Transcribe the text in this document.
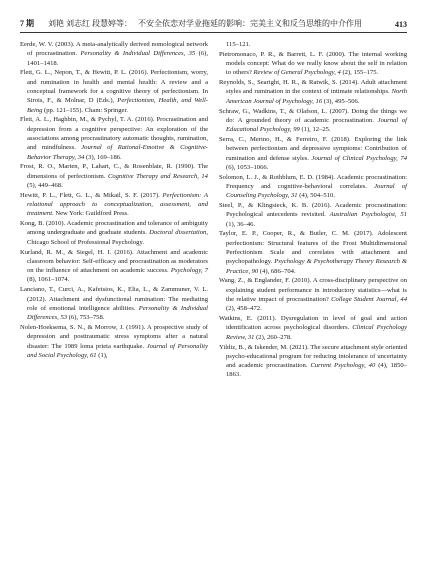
7 期 刘艳 刘志红 段慧婷等： 不安全依恋对学业拖延的影响：完美主义和反刍思维的中介作用	413

Eerde, W. V. (2003). A meta-analytically derived nomological network of procrastination. Personality & Individual Differences, 35 (6), 1401–1418.

Flett, G. L., Nepon, T., & Hewitt, P. L. (2016). Perfectionism, worry, and rumination in health and mental health: A review and a conceptual framework for a cognitive theory of perfectionism. In Sirois, F., & Molnar, D (Eds.), Perfectionism, Health, and Well-Being (pp. 121–155). Cham: Springer.

Flett, A. L., Haghbin, M., & Pychyl, T. A. (2016). Procrastination and depression from a cognitive perspective: An exploration of the associations among procrastinatory automatic thoughts, rumination, and mindfulness. Journal of Rational-Emotive & Cognitive-Behavior Therapy, 34 (3), 169–186.

Frost, R. O., Marten, P., Lahart, C., & Rosenblate, R. (1990). The dimensions of perfectionism. Cognitive Therapy and Research, 14 (5), 449–468.

Hewitt, P. L., Flett, G. L., & Mikail, S. F. (2017). Perfectionism: A relational approach to conceptualization, assessment, and treatment. New York: Guildford Press.

Kong, B. (2010). Academic procrastination and tolerance of ambiguity among undergraduate and graduate students. Doctoral dissertation, Chicago School of Professional Psychology.

Kurland, R. M., & Siegel, H. I. (2016). Attachment and academic classroom behavior: Self-efficacy and procrastination as moderators on the influence of attachment on academic success. Psychology, 7 (8), 1061–1074.

Lanciano, T., Curci, A., Kafetsios, K., Elia, L., & Zammuner, V. L. (2012). Attachment and dysfunctional rumination: The mediating role of emotional intelligence abilities. Personality & Individual Differences, 53 (6), 753–758.

Nolen-Hoeksema, S. N., & Morrow, J. (1991). A prospective study of depression and posttraumatic stress symptoms after a natural disaster: The 1989 loma prieta earthquake. Journal of Personality and Social Psychology, 61 (1),

115–121.

Pietromonaco, P. R., & Barrett, L. F. (2000). The internal working models concept: What do we really know about the self in relation to others? Review of General Psychology, 4 (2), 155–175.

Reynolds, S., Searight, H. R., & Ratwik, S. (2014). Adult attachment styles and rumination in the context of intimate relationships. North American Journal of Psychology, 16 (3), 495–506.

Schraw, G., Wadkins, T., & Olafson, L. (2007). Doing the things we do: A grounded theory of academic procrastination. Journal of Educational Psychology, 99 (1), 12–25.

Serra, C., Merino, H., & Ferreiro, F. (2018). Exploring the link between perfectionism and depressive symptoms: Contribution of rumination and defense styles. Journal of Clinical Psychology, 74 (6), 1053–1066.

Solomon, L. J., & Rothblum, E. D. (1984). Academic procrastination: Frequency and cognitive-behavioral correlates. Journal of Counseling Psychology, 31 (4), 504–510.

Steel, P., & Klingsieck, K. B. (2016). Academic procrastination: Psychological antecedents revisited. Australian Psychologist, 51 (1), 36–46.

Taylor, E. P., Cooper, R., & Butler, C. M. (2017). Adolescent perfectionism: Structural features of the Frost Multidimensional Perfectionism Scale and correlates with attachment and psychopathology. Psychology & Psychotherapy Theory Research & Practice, 90 (4), 686–704.

Wang, Z., & Englander, F. (2010). A cross-disciplinary perspective on explaining student performance in introductory statistics—what is the relative impact of procrastination? College Student Journal, 44 (2), 458–472.

Watkins, E. (2011). Dysregulation in level of goal and action identification across psychological disorders. Clinical Psychology Review, 31 (2), 260–278.

Yildiz, B., & Iskender, M. (2021). The secure attachment style oriented psycho-educational program for reducing intolerance of uncertainty and academic procrastination. Current Psychology, 40 (4), 1850–1863.
